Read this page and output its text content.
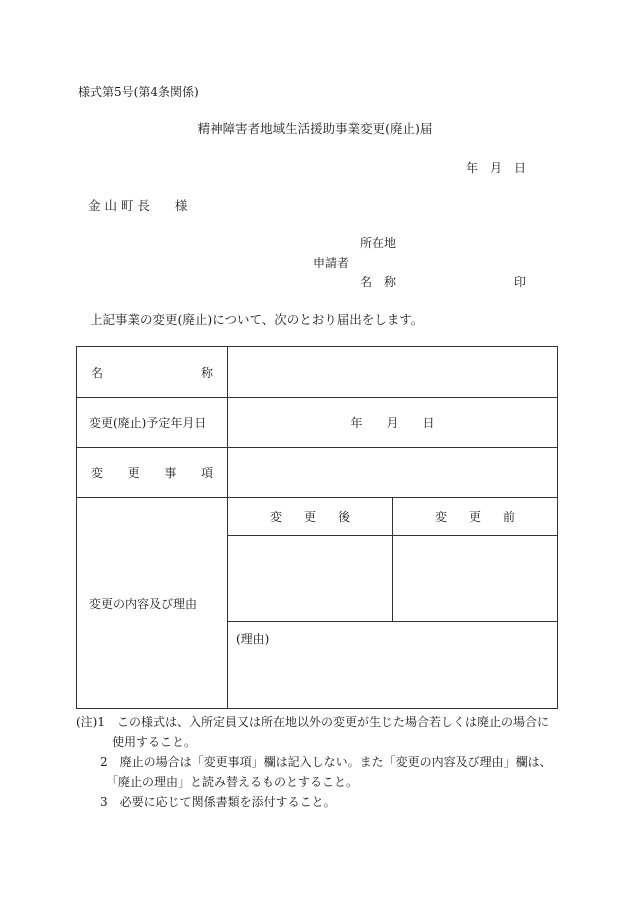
様式第5号(第4条関係)
精神障害者地域生活援助事業変更(廃止)届
年　月　日
金 山 町 長　　様
所在地
申請者
名　称	印
上記事業の変更(廃止)について、次のとおり届出をします。
名 称		

変更(廃止)予定年月日	年　　月　　日	

変 更 事 項		

変更の内容及び理由	変 更 後	変 更 前

	(理由)	
(注)1　この様式は、入所定員又は所在地以外の変更が生じた場合若しくは廃止の場合に
　　　使用すること。
　　2　廃止の場合は「変更事項」欄は記入しない。また「変更の内容及び理由」欄は、
　　　「廃止の理由」と読み替えるものとすること。
　　3　必要に応じて関係書類を添付すること。
